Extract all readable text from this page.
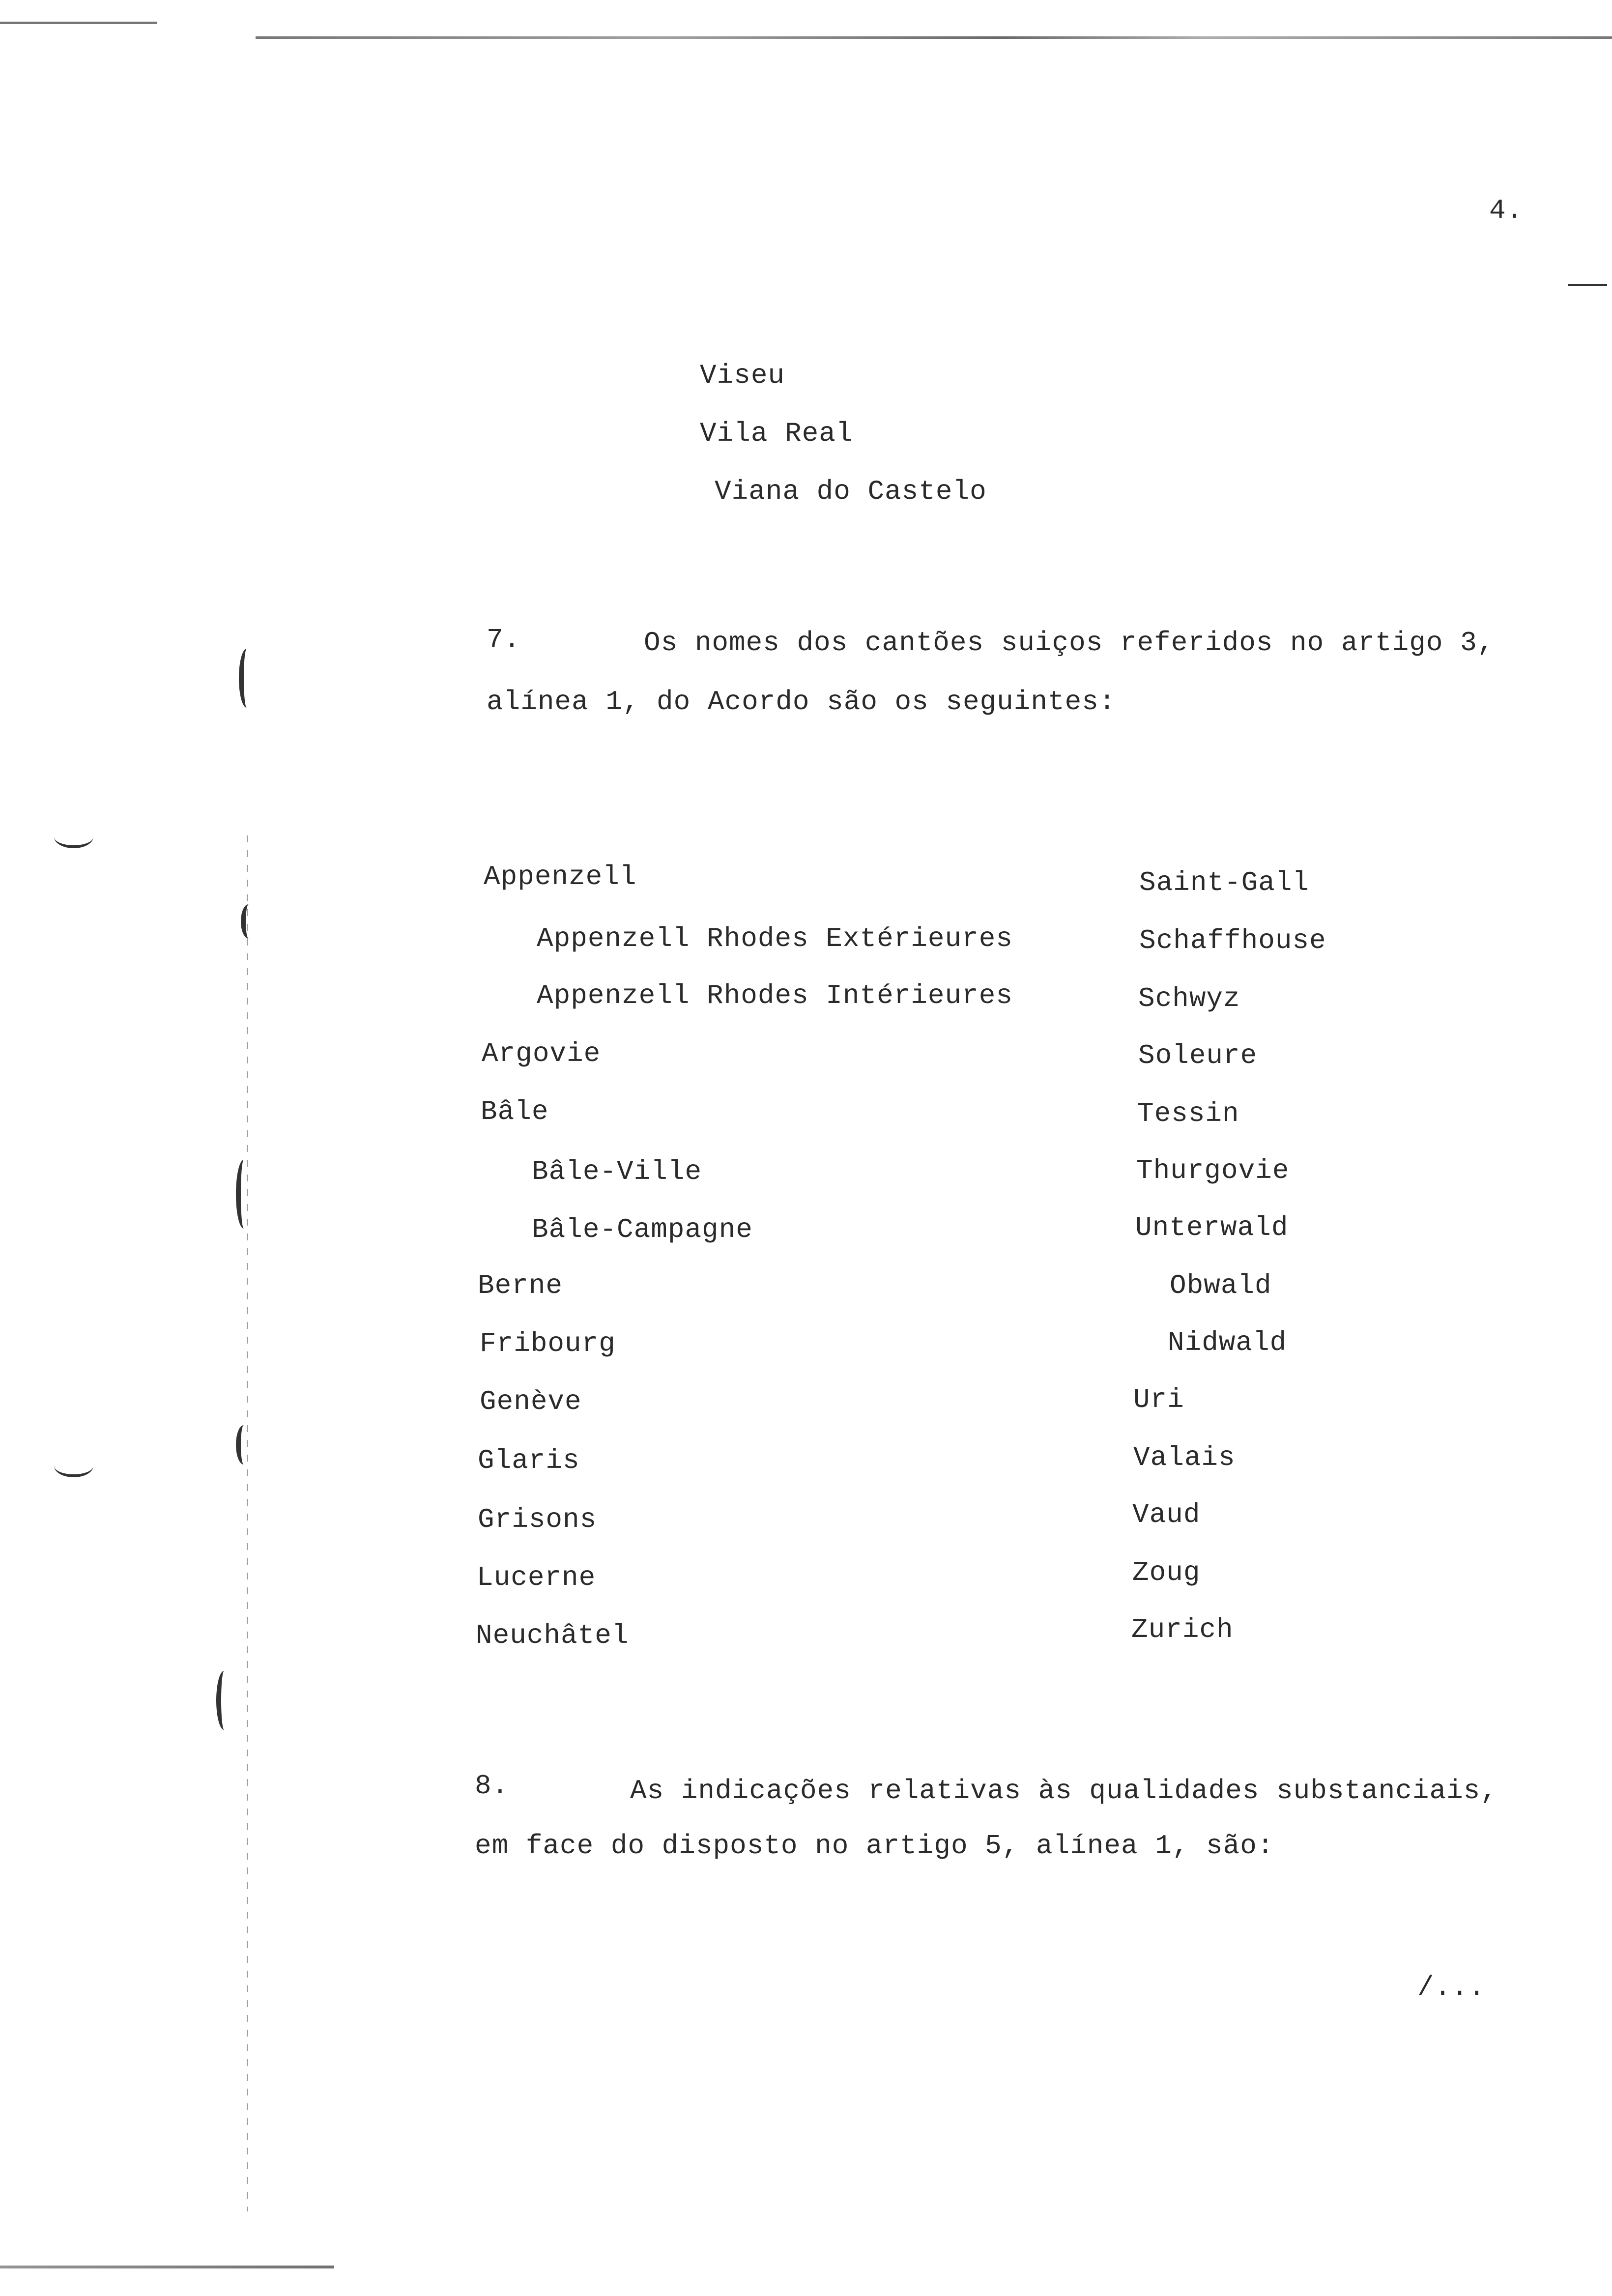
4.
Viseu
Vila Real
Viana do Castelo
7.	Os nomes dos cantões suiços referidos no artigo 3,
alínea 1, do Acordo são os seguintes:
Appenzell
Appenzell Rhodes Extérieures
Appenzell Rhodes Intérieures
Argovie
Bâle
Bâle-Ville
Bâle-Campagne
Berne
Fribourg
Genève
Glaris
Grisons
Lucerne
Neuchâtel
Saint-Gall
Schaffhouse
Schwyz
Soleure
Tessin
Thurgovie
Unterwald
Obwald
Nidwald
Uri
Valais
Vaud
Zoug
Zurich
8.	As indicações relativas às qualidades substanciais,
em face do disposto no artigo 5, alínea 1, são:
/...
